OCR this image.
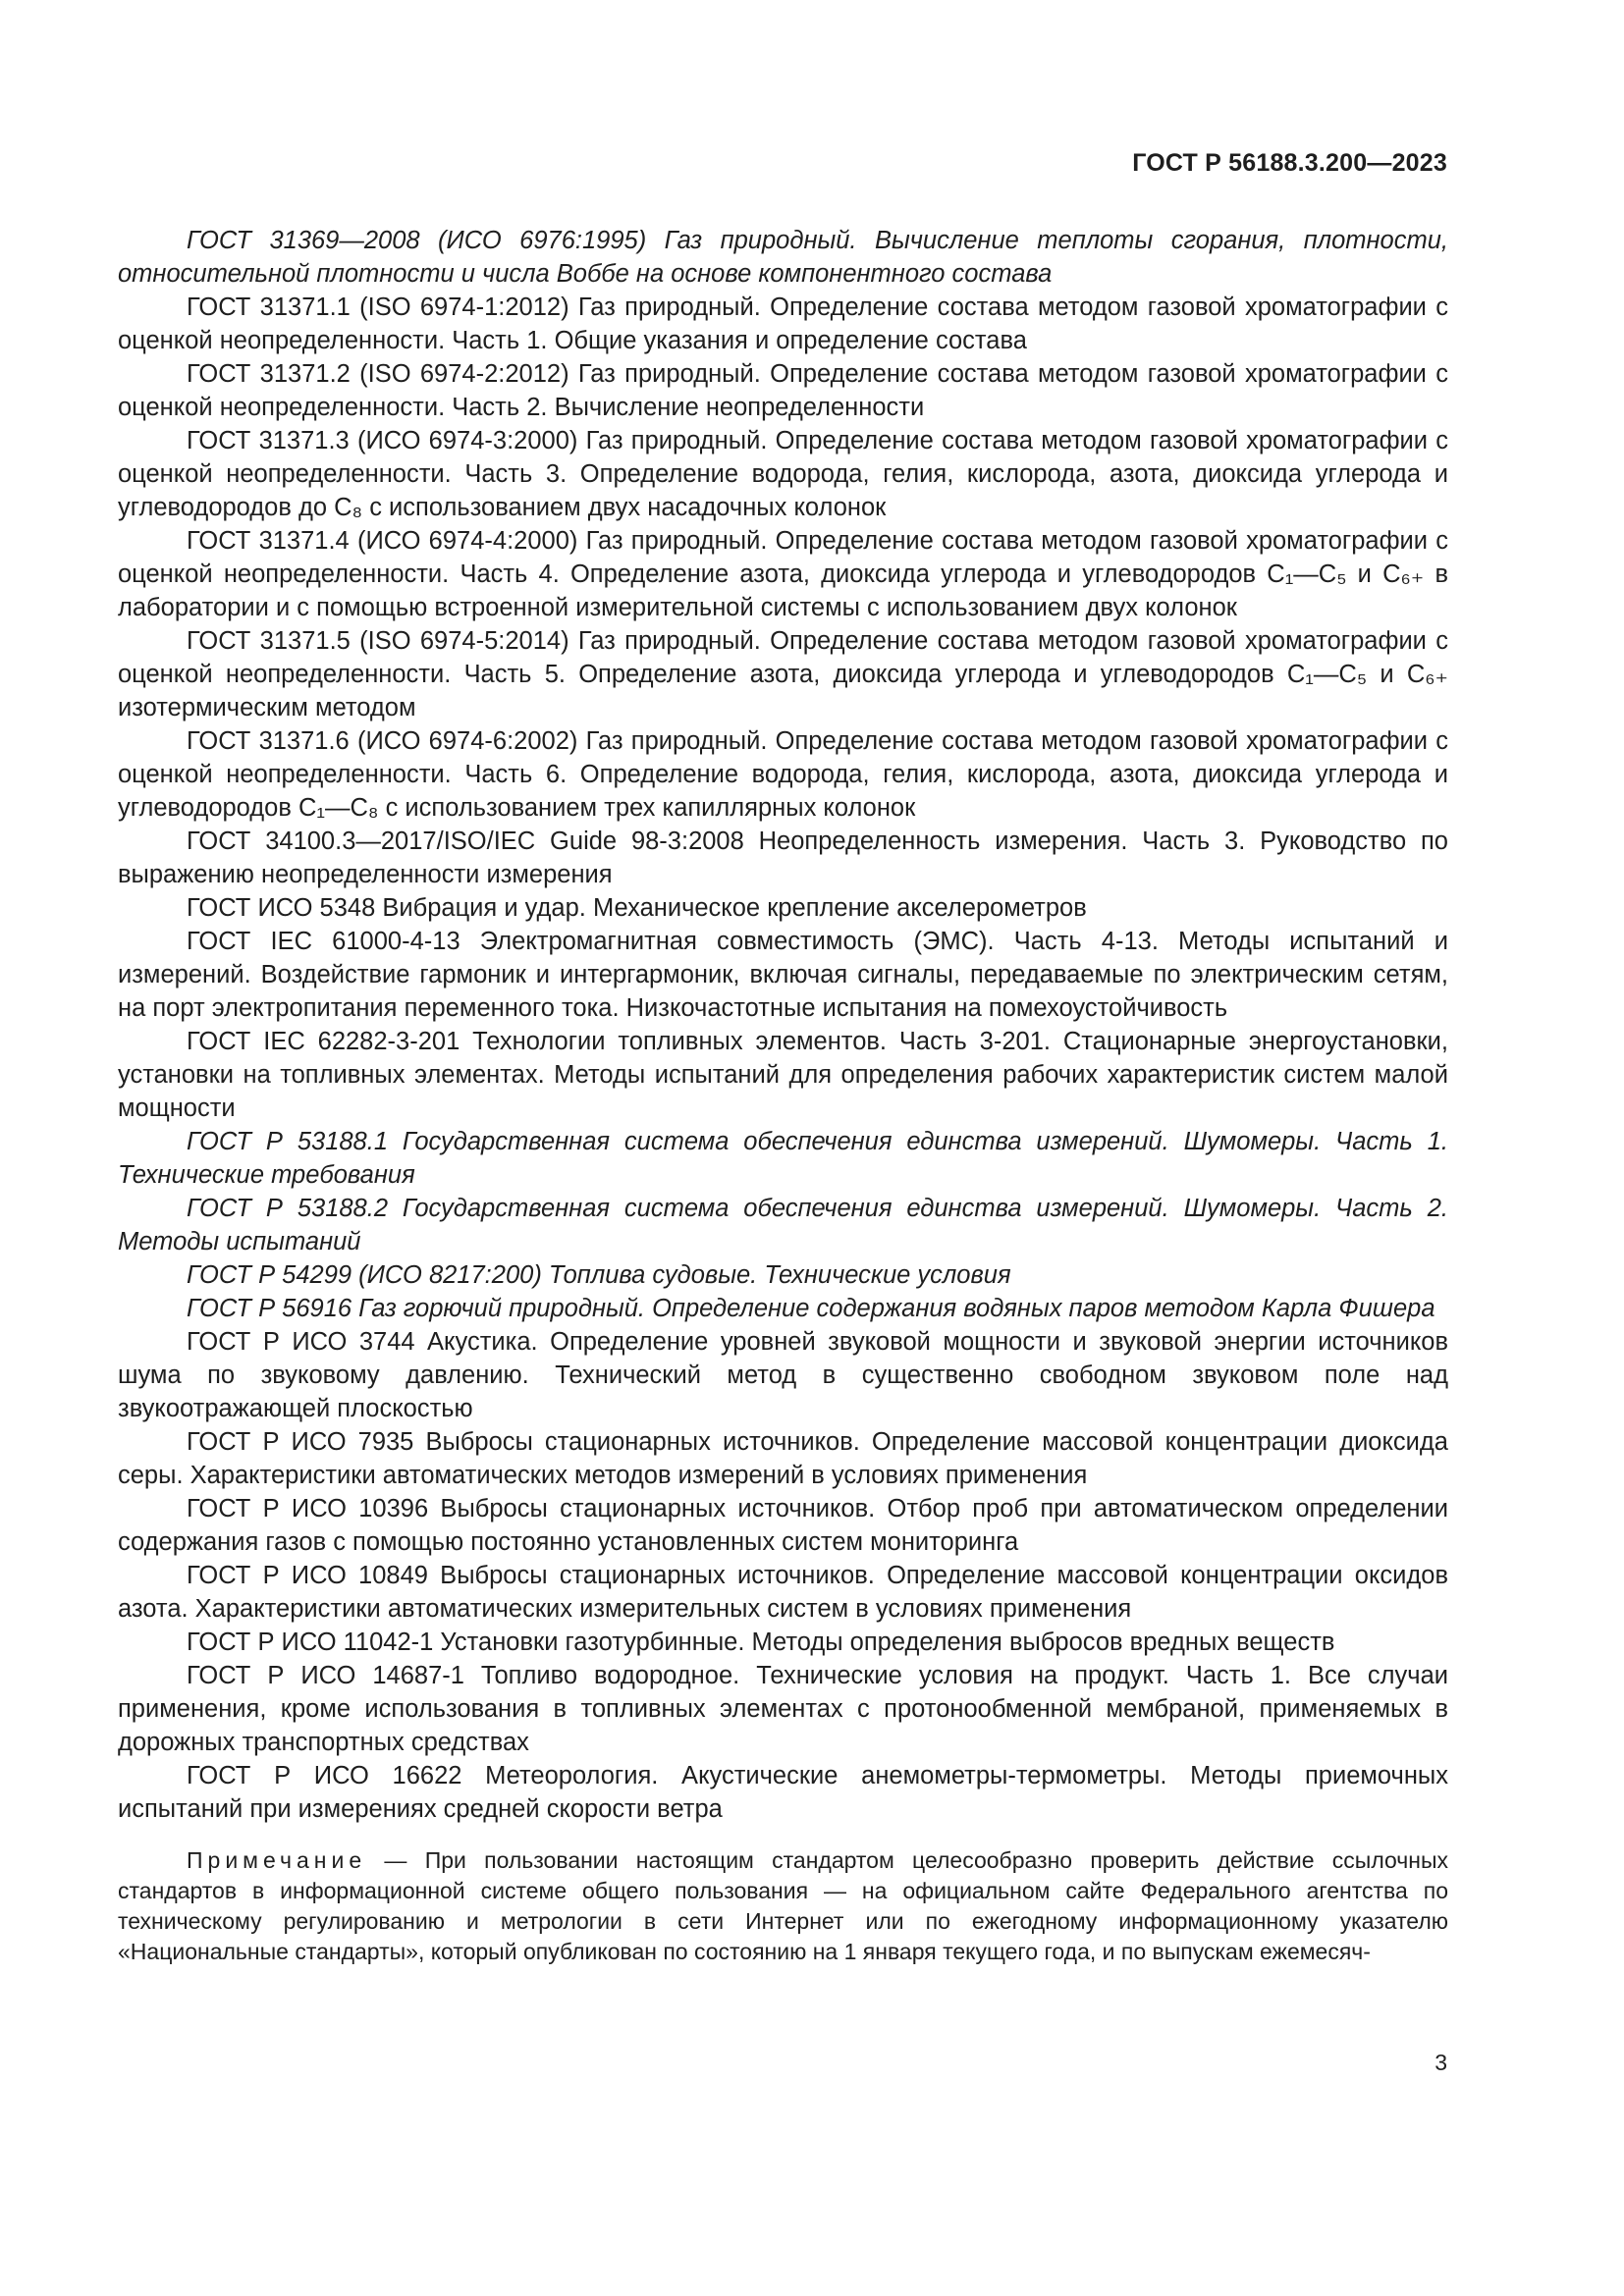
ГОСТ Р 56188.3.200—2023

ГОСТ 31369—2008 (ИСО 6976:1995) Газ природный. Вычисление теплоты сгорания, плотности, относительной плотности и числа Воббе на основе компонентного состава

ГОСТ 31371.1 (ISO 6974-1:2012) Газ природный. Определение состава методом газовой хроматографии с оценкой неопределенности. Часть 1. Общие указания и определение состава

ГОСТ 31371.2 (ISO 6974-2:2012) Газ природный. Определение состава методом газовой хроматографии с оценкой неопределенности. Часть 2. Вычисление неопределенности

ГОСТ 31371.3 (ИСО 6974-3:2000) Газ природный. Определение состава методом газовой хроматографии с оценкой неопределенности. Часть 3. Определение водорода, гелия, кислорода, азота, диоксида углерода и углеводородов до C₈ с использованием двух насадочных колонок

ГОСТ 31371.4 (ИСО 6974-4:2000) Газ природный. Определение состава методом газовой хроматографии с оценкой неопределенности. Часть 4. Определение азота, диоксида углерода и углеводородов C₁—C₅ и C₆₊ в лаборатории и с помощью встроенной измерительной системы с использованием двух колонок

ГОСТ 31371.5 (ISO 6974-5:2014) Газ природный. Определение состава методом газовой хроматографии с оценкой неопределенности. Часть 5. Определение азота, диоксида углерода и углеводородов C₁—C₅ и C₆₊ изотермическим методом

ГОСТ 31371.6 (ИСО 6974-6:2002) Газ природный. Определение состава методом газовой хроматографии с оценкой неопределенности. Часть 6. Определение водорода, гелия, кислорода, азота, диоксида углерода и углеводородов C₁—C₈ с использованием трех капиллярных колонок

ГОСТ 34100.3—2017/ISO/IEC Guide 98-3:2008 Неопределенность измерения. Часть 3. Руководство по выражению неопределенности измерения

ГОСТ ИСО 5348 Вибрация и удар. Механическое крепление акселерометров

ГОСТ IEC 61000-4-13 Электромагнитная совместимость (ЭМС). Часть 4-13. Методы испытаний и измерений. Воздействие гармоник и интергармоник, включая сигналы, передаваемые по электрическим сетям, на порт электропитания переменного тока. Низкочастотные испытания на помехоустойчивость

ГОСТ IEC 62282-3-201 Технологии топливных элементов. Часть 3-201. Стационарные энергоустановки, установки на топливных элементах. Методы испытаний для определения рабочих характеристик систем малой мощности

ГОСТ Р 53188.1 Государственная система обеспечения единства измерений. Шумомеры. Часть 1. Технические требования

ГОСТ Р 53188.2 Государственная система обеспечения единства измерений. Шумомеры. Часть 2. Методы испытаний

ГОСТ Р 54299 (ИСО 8217:200) Топлива судовые. Технические условия

ГОСТ Р 56916 Газ горючий природный. Определение содержания водяных паров методом Карла Фишера

ГОСТ Р ИСО 3744 Акустика. Определение уровней звуковой мощности и звуковой энергии источников шума по звуковому давлению. Технический метод в существенно свободном звуковом поле над звукоотражающей плоскостью

ГОСТ Р ИСО 7935 Выбросы стационарных источников. Определение массовой концентрации диоксида серы. Характеристики автоматических методов измерений в условиях применения

ГОСТ Р ИСО 10396 Выбросы стационарных источников. Отбор проб при автоматическом определении содержания газов с помощью постоянно установленных систем мониторинга

ГОСТ Р ИСО 10849 Выбросы стационарных источников. Определение массовой концентрации оксидов азота. Характеристики автоматических измерительных систем в условиях применения

ГОСТ Р ИСО 11042-1 Установки газотурбинные. Методы определения выбросов вредных веществ

ГОСТ Р ИСО 14687-1 Топливо водородное. Технические условия на продукт. Часть 1. Все случаи применения, кроме использования в топливных элементах с протонообменной мембраной, применяемых в дорожных транспортных средствах

ГОСТ Р ИСО 16622 Метеорология. Акустические анемометры-термометры. Методы приемочных испытаний при измерениях средней скорости ветра

Примечание — При пользовании настоящим стандартом целесообразно проверить действие ссылочных стандартов в информационной системе общего пользования — на официальном сайте Федерального агентства по техническому регулированию и метрологии в сети Интернет или по ежегодному информационному указателю «Национальные стандарты», который опубликован по состоянию на 1 января текущего года, и по выпускам ежемесяч-

3
